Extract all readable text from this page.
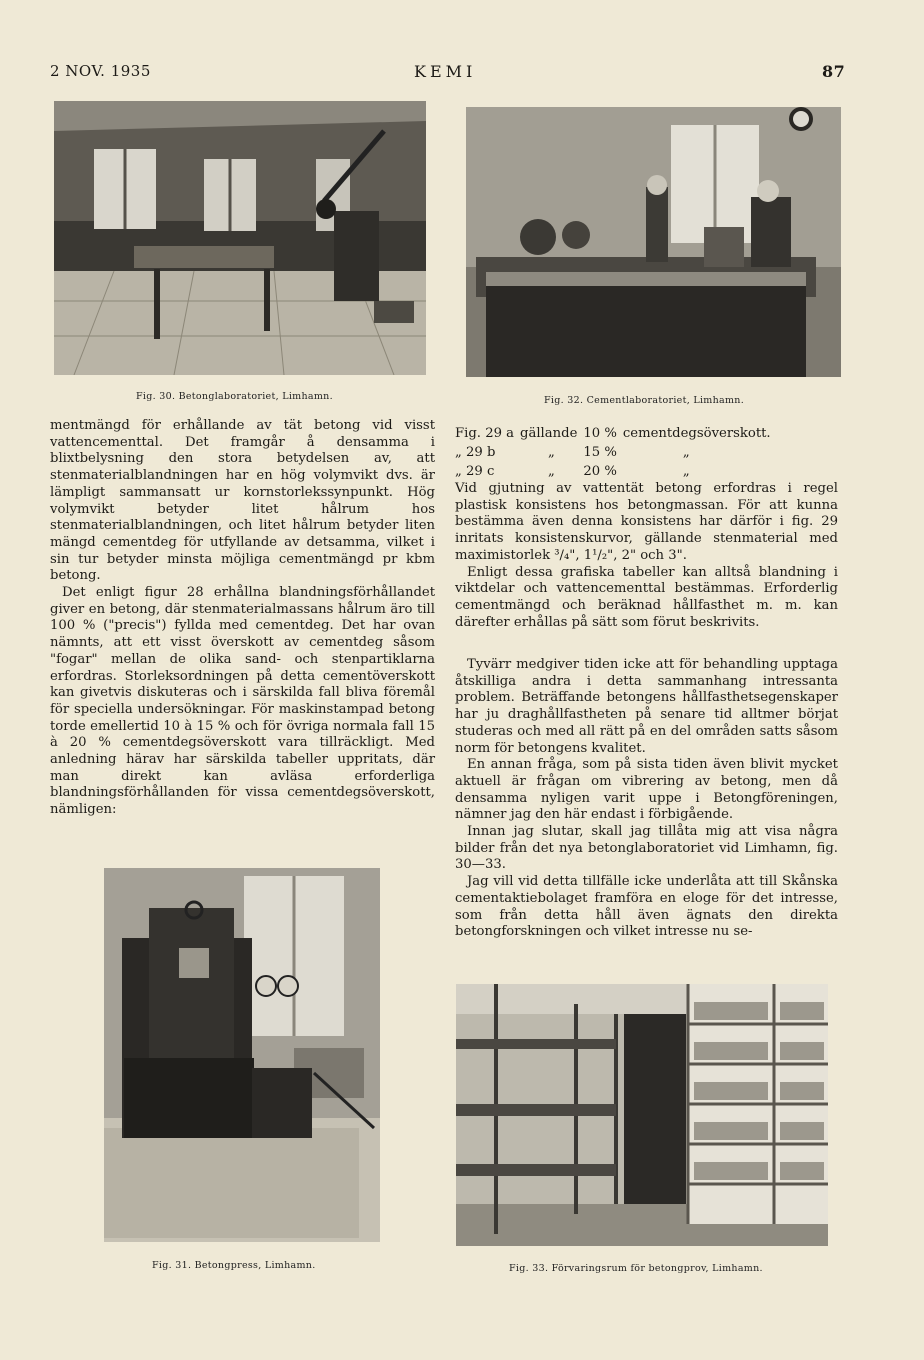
2 NOV. 1935	KEMI	87
Fig. 30. Betonglaboratoriet, Limhamn.	Fig. 32. Cementlaboratoriet, Limhamn.

mentmängd för erhållande av tät betong vid visst vattencementtal. Det framgår å densamma i blixtbelysning den stora betydelsen av, att stenmaterialblandningen har en hög volymvikt dvs. är lämpligt sammansatt ur kornstorlekssynpunkt. Hög volymvikt betyder litet hålrum hos stenmaterialblandningen, och litet hålrum betyder liten mängd cementdeg för utfyllande av detsamma, vilket i sin tur betyder minsta möjliga cementmängd pr kbm betong.

Det enligt figur 28 erhållna blandningsförhållandet giver en betong, där stenmaterialmassans hålrum äro till 100 % ("precis") fyllda med cementdeg. Det har ovan nämnts, att ett visst överskott av cementdeg såsom "fogar" mellan de olika sand- och stenpartiklarna erfordras. Storleksordningen på detta cementöverskott kan givetvis diskuteras och i särskilda fall bliva föremål för speciella undersökningar. För maskinstampad betong torde emellertid 10 à 15 % och för övriga normala fall 15 à 20 % cementdegsöverskott vara tillräckligt. Med anledning härav har särskilda tabeller uppritats, där man direkt kan avläsa erforderliga blandningsförhållanden för vissa cementdegsöverskott, nämligen:

Fig. 29 a	gällande	10 %	cementdegsöverskott.
„ 29 b	„	15 %	„
„ 29 c	„	20 %	„

Vid gjutning av vattentät betong erfordras i regel plastisk konsistens hos betongmassan. För att kunna bestämma även denna konsistens har därför i fig. 29 inritats konsistenskurvor, gällande stenmaterial med maximistorlek ³/₄", 1¹/₂", 2" och 3".

Enligt dessa grafiska tabeller kan alltså blandning i viktdelar och vattencementtal bestämmas. Erforderlig cementmängd och beräknad hållfasthet m. m. kan därefter erhållas på sätt som förut beskrivits.

Tyvärr medgiver tiden icke att för behandling upptaga åtskilliga andra i detta sammanhang intressanta problem. Beträffande betongens hållfasthetsegenskaper har ju draghållfastheten på senare tid alltmer börjat studeras och med all rätt på en del områden satts såsom norm för betongens kvalitet.

En annan fråga, som på sista tiden även blivit mycket aktuell är frågan om vibrering av betong, men då densamma nyligen varit uppe i Betongföreningen, nämner jag den här endast i förbigående.

Innan jag slutar, skall jag tillåta mig att visa några bilder från det nya betonglaboratoriet vid Limhamn, fig. 30—33.

Jag vill vid detta tillfälle icke underlåta att till Skånska cementaktiebolaget framföra en eloge för det intresse, som från detta håll även ägnats den direkta betongforskningen och vilket intresse nu se-

Fig. 31. Betongpress, Limhamn.	Fig. 33. Förvaringsrum för betongprov, Limhamn.
